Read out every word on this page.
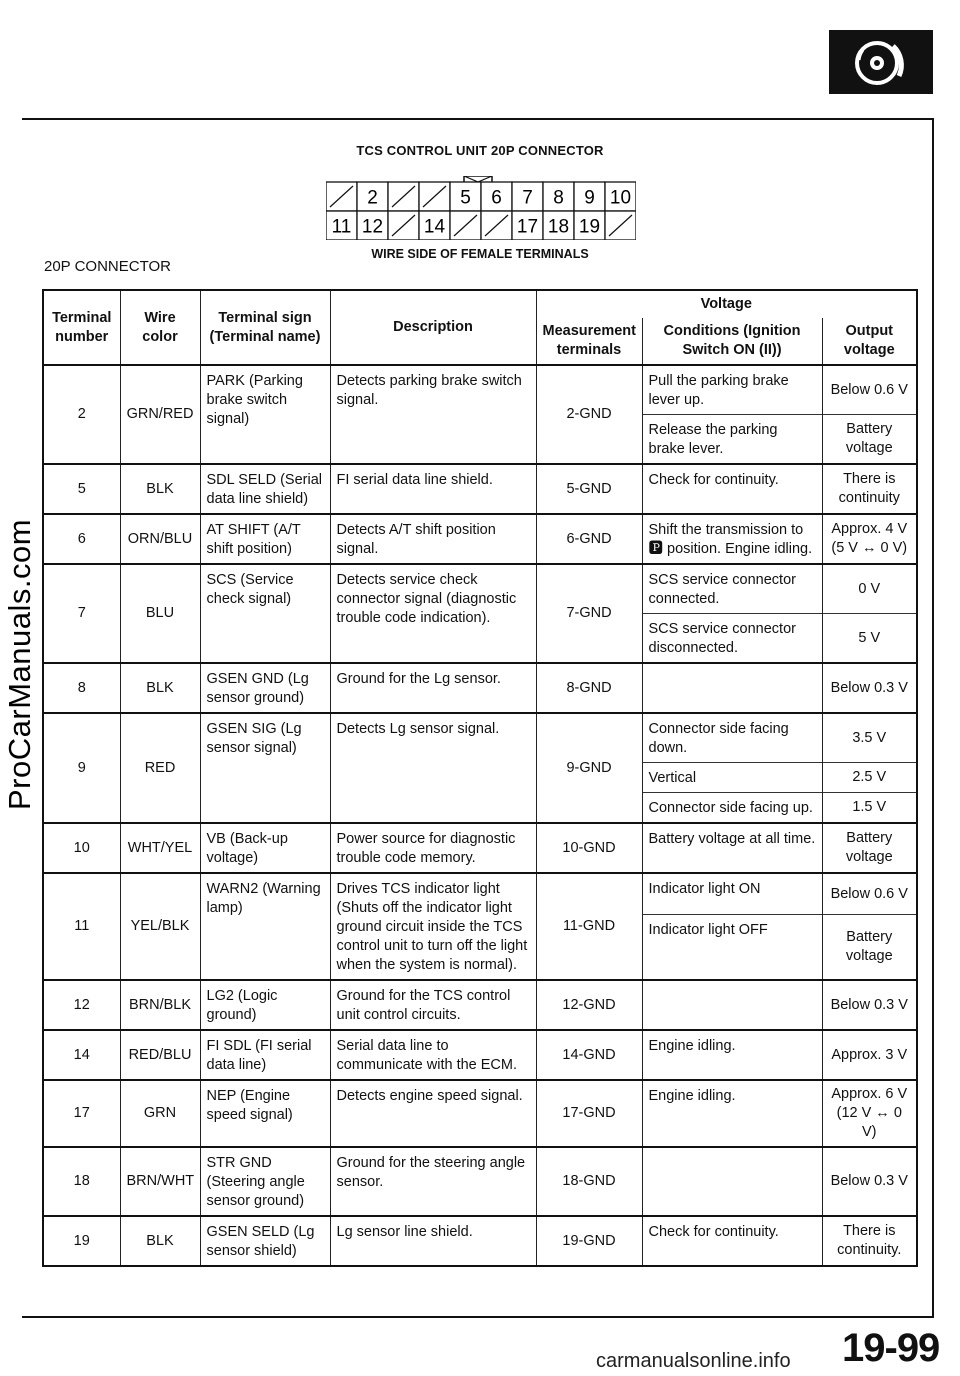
TCS CONTROL UNIT 20P CONNECTOR
2	5 6 7 8 9 10
11 12 14	17 18 19
WIRE SIDE OF FEMALE TERMINALS
20P CONNECTOR
Terminal number	Wire color	Terminal sign (Terminal name)	Description	Voltage		
				Measurement terminals	Conditions (Ignition Switch ON (II))	Output voltage
2	GRN/RED	PARK (Parking brake switch signal)	Detects parking brake switch signal.	2-GND	Pull the parking brake lever up.	Below 0.6 V
					Release the parking brake lever.	Battery voltage
5	BLK	SDL SELD (Serial data line shield)	FI serial data line shield.	5-GND	Check for continuity.	There is continuity
6	ORN/BLU	AT SHIFT (A/T shift position)	Detects A/T shift position signal.	6-GND	Shift the transmission to 🅿 position. Engine idling.	Approx. 4 V (5 V ↔ 0 V)
7	BLU	SCS (Service check signal)	Detects service check connector signal (diagnostic trouble code indication).	7-GND	SCS service connector connected.	0 V
					SCS service connector disconnected.	5 V
8	BLK	GSEN GND (Lg sensor ground)	Ground for the Lg sensor.	8-GND		Below 0.3 V
9	RED	GSEN SIG (Lg sensor signal)	Detects Lg sensor signal.	9-GND	Connector side facing down.	3.5 V
					Vertical	2.5 V
					Connector side facing up.	1.5 V
10	WHT/YEL	VB (Back-up voltage)	Power source for diagnostic trouble code memory.	10-GND	Battery voltage at all time.	Battery voltage
11	YEL/BLK	WARN2 (Warning lamp)	Drives TCS indicator light (Shuts off the indicator light ground circuit inside the TCS control unit to turn off the light when the system is normal).	11-GND	Indicator light ON	Below 0.6 V
					Indicator light OFF	Battery voltage
12	BRN/BLK	LG2 (Logic ground)	Ground for the TCS control unit control circuits.	12-GND		Below 0.3 V
14	RED/BLU	FI SDL (FI serial data line)	Serial data line to communicate with the ECM.	14-GND	Engine idling.	Approx. 3 V
17	GRN	NEP (Engine speed signal)	Detects engine speed signal.	17-GND	Engine idling.	Approx. 6 V (12 V ↔ 0 V)
18	BRN/WHT	STR GND (Steering angle sensor ground)	Ground for the steering angle sensor.	18-GND		Below 0.3 V
19	BLK	GSEN SELD (Lg sensor shield)	Lg sensor line shield.	19-GND	Check for continuity.	There is continuity.
ProCarManuals.com
19-99
carmanualsonline.info
